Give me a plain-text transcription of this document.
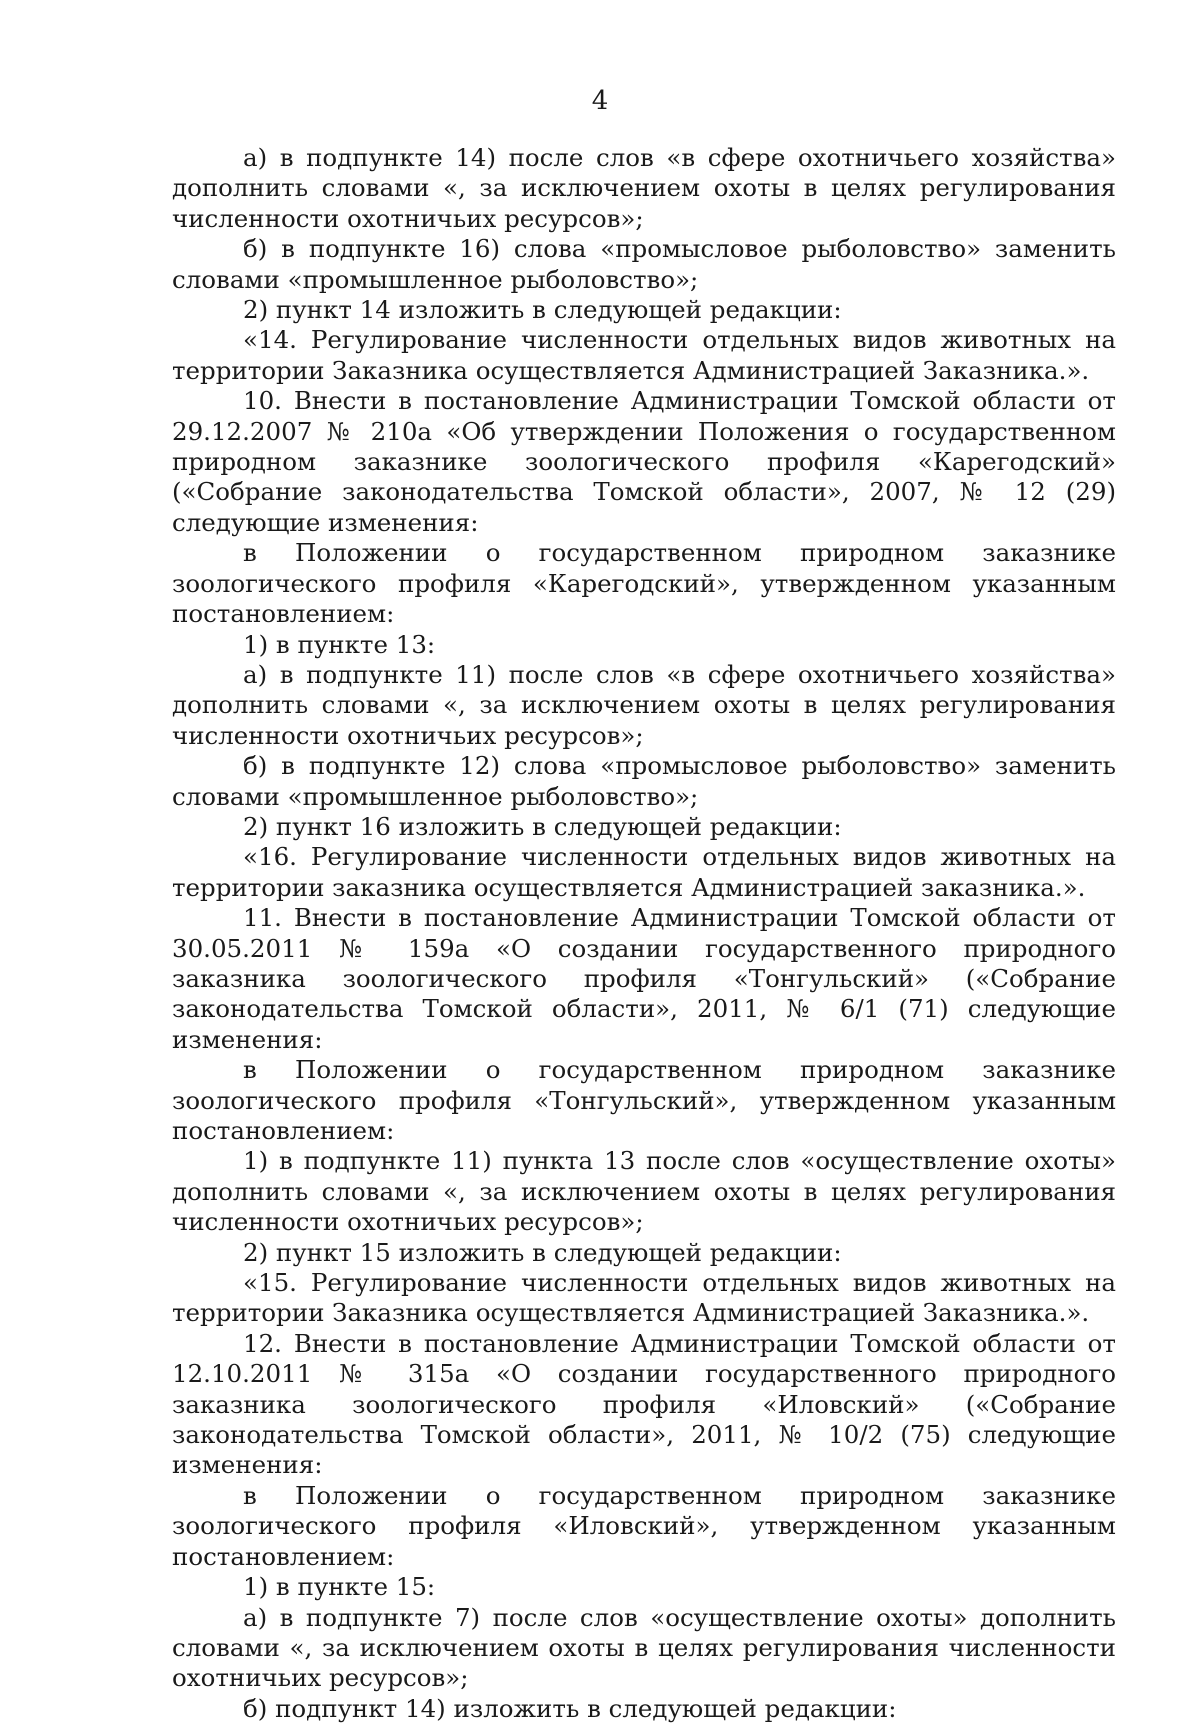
4

а) в подпункте 14) после слов «в сфере охотничьего хозяйства» дополнить словами «, за исключением охоты в целях регулирования численности охотничьих ресурсов»;

б) в подпункте 16) слова «промысловое рыболовство» заменить словами «промышленное рыболовство»;

2) пункт 14 изложить в следующей редакции:

«14. Регулирование численности отдельных видов животных на территории Заказника осуществляется Администрацией Заказника.».

10. Внести в постановление Администрации Томской области от 29.12.2007 № 210а «Об утверждении Положения о государственном природном заказнике зоологического профиля «Карегодский» («Собрание законодательства Томской области», 2007, № 12 (29) следующие изменения:

в Положении о государственном природном заказнике зоологического профиля «Карегодский», утвержденном указанным постановлением:

1) в пункте 13:

а) в подпункте 11) после слов «в сфере охотничьего хозяйства» дополнить словами «, за исключением охоты в целях регулирования численности охотничьих ресурсов»;

б) в подпункте 12) слова «промысловое рыболовство» заменить словами «промышленное рыболовство»;

2) пункт 16 изложить в следующей редакции:

«16. Регулирование численности отдельных видов животных на территории заказника осуществляется Администрацией заказника.».

11. Внести в постановление Администрации Томской области от 30.05.2011 № 159а «О создании государственного природного заказника зоологического профиля «Тонгульский» («Собрание законодательства Томской области», 2011, № 6/1 (71) следующие изменения:

в Положении о государственном природном заказнике зоологического профиля «Тонгульский», утвержденном указанным постановлением:

1) в подпункте 11) пункта 13 после слов «осуществление охоты» дополнить словами «, за исключением охоты в целях регулирования численности охотничьих ресурсов»;

2) пункт 15 изложить в следующей редакции:

«15. Регулирование численности отдельных видов животных на территории Заказника осуществляется Администрацией Заказника.».

12. Внести в постановление Администрации Томской области от 12.10.2011 № 315а «О создании государственного природного заказника зоологического профиля «Иловский» («Собрание законодательства Томской области», 2011, № 10/2 (75) следующие изменения:

в Положении о государственном природном заказнике зоологического профиля «Иловский», утвержденном указанным постановлением:

1) в пункте 15:

а) в подпункте 7) после слов «осуществление охоты» дополнить словами «, за исключением охоты в целях регулирования численности охотничьих ресурсов»;

б) подпункт 14) изложить в следующей редакции:
